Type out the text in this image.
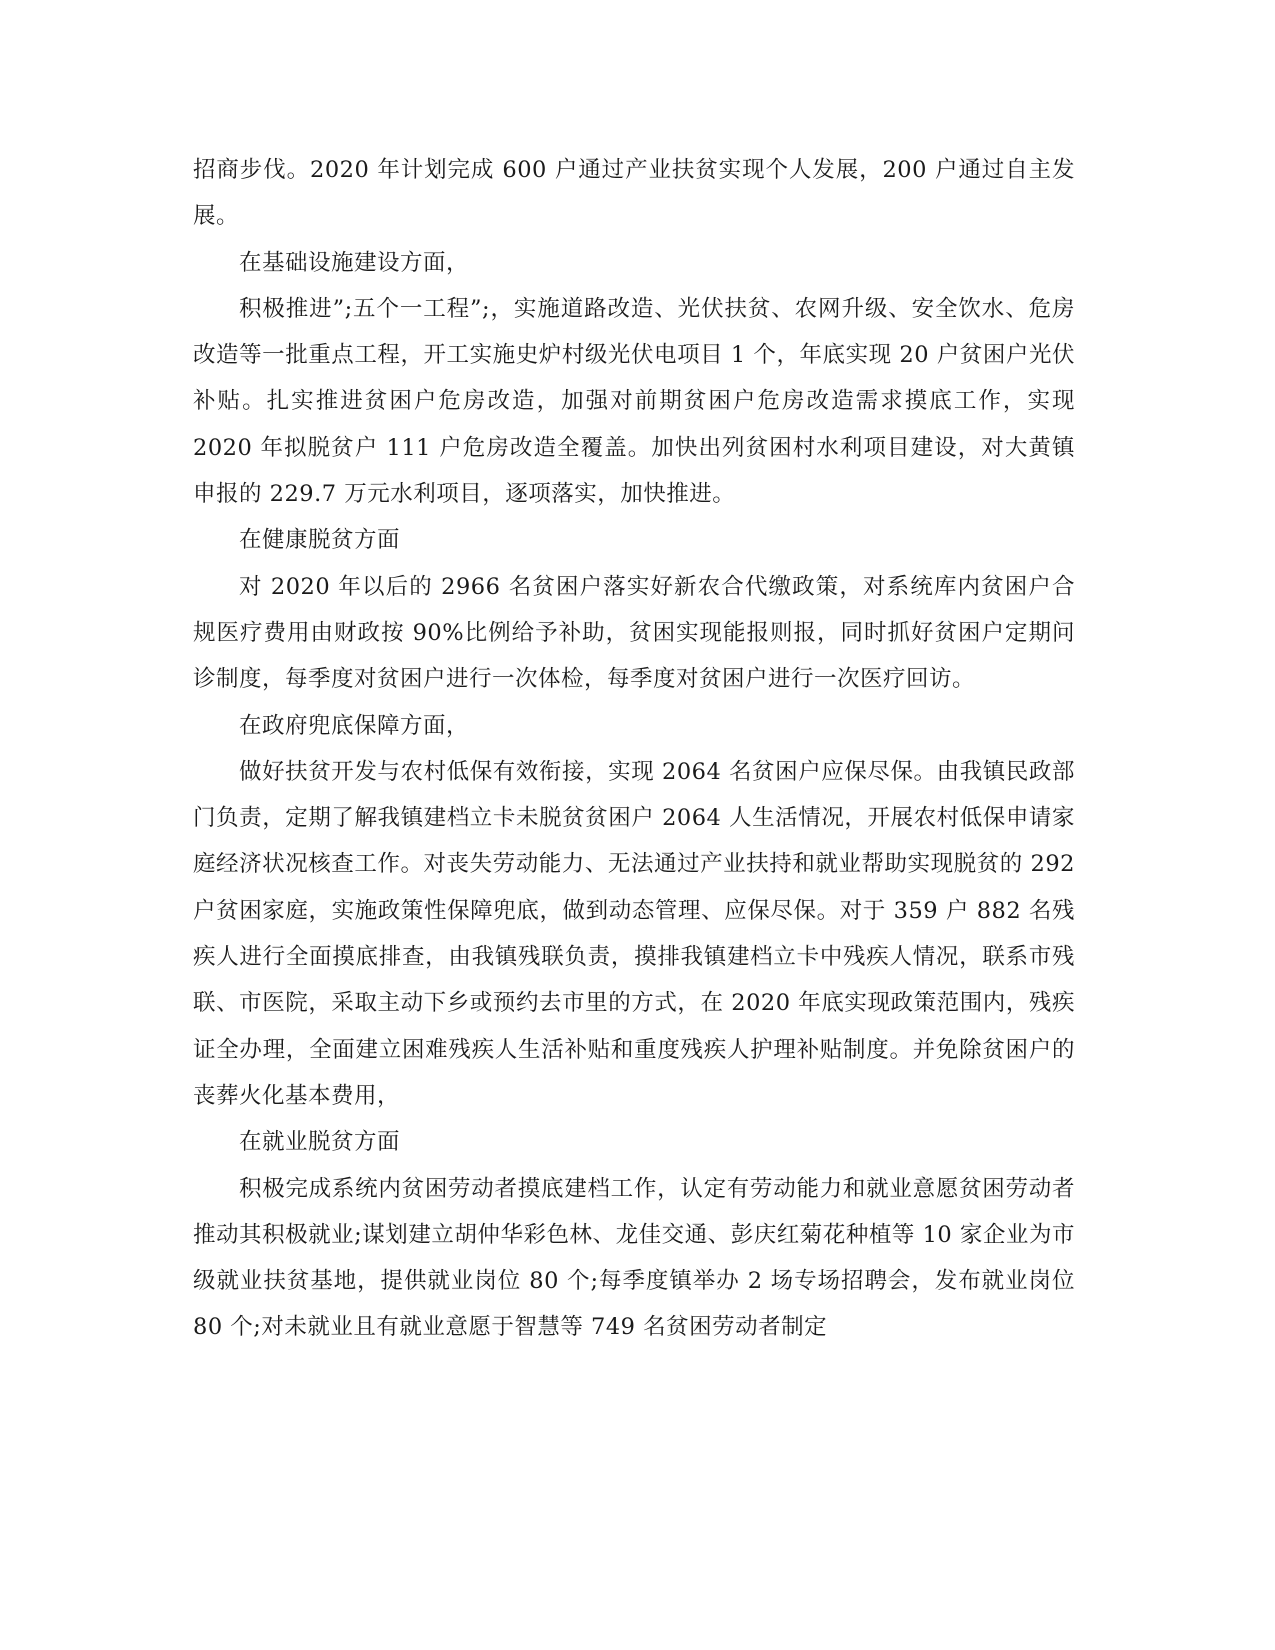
招商步伐。2020 年计划完成 600 户通过产业扶贫实现个人发展，200 户通过自主发展。

在基础设施建设方面，

积极推进”;五个一工程”;，实施道路改造、光伏扶贫、农网升级、安全饮水、危房改造等一批重点工程，开工实施史炉村级光伏电项目 1 个，年底实现 20 户贫困户光伏补贴。扎实推进贫困户危房改造，加强对前期贫困户危房改造需求摸底工作，实现 2020 年拟脱贫户 111 户危房改造全覆盖。加快出列贫困村水利项目建设，对大黄镇申报的 229.7 万元水利项目，逐项落实，加快推进。

在健康脱贫方面

对 2020 年以后的 2966 名贫困户落实好新农合代缴政策，对系统库内贫困户合规医疗费用由财政按 90%比例给予补助，贫困实现能报则报，同时抓好贫困户定期问诊制度，每季度对贫困户进行一次体检，每季度对贫困户进行一次医疗回访。

在政府兜底保障方面，

做好扶贫开发与农村低保有效衔接，实现 2064 名贫困户应保尽保。由我镇民政部门负责，定期了解我镇建档立卡未脱贫贫困户 2064 人生活情况，开展农村低保申请家庭经济状况核查工作。对丧失劳动能力、无法通过产业扶持和就业帮助实现脱贫的 292 户贫困家庭，实施政策性保障兜底，做到动态管理、应保尽保。对于 359 户 882 名残疾人进行全面摸底排查，由我镇残联负责，摸排我镇建档立卡中残疾人情况，联系市残联、市医院，采取主动下乡或预约去市里的方式，在 2020 年底实现政策范围内，残疾证全办理，全面建立困难残疾人生活补贴和重度残疾人护理补贴制度。并免除贫困户的丧葬火化基本费用，

在就业脱贫方面

积极完成系统内贫困劳动者摸底建档工作，认定有劳动能力和就业意愿贫困劳动者推动其积极就业;谋划建立胡仲华彩色林、龙佳交通、彭庆红菊花种植等 10 家企业为市级就业扶贫基地，提供就业岗位 80 个;每季度镇举办 2 场专场招聘会，发布就业岗位 80 个;对未就业且有就业意愿于智慧等 749 名贫困劳动者制定
